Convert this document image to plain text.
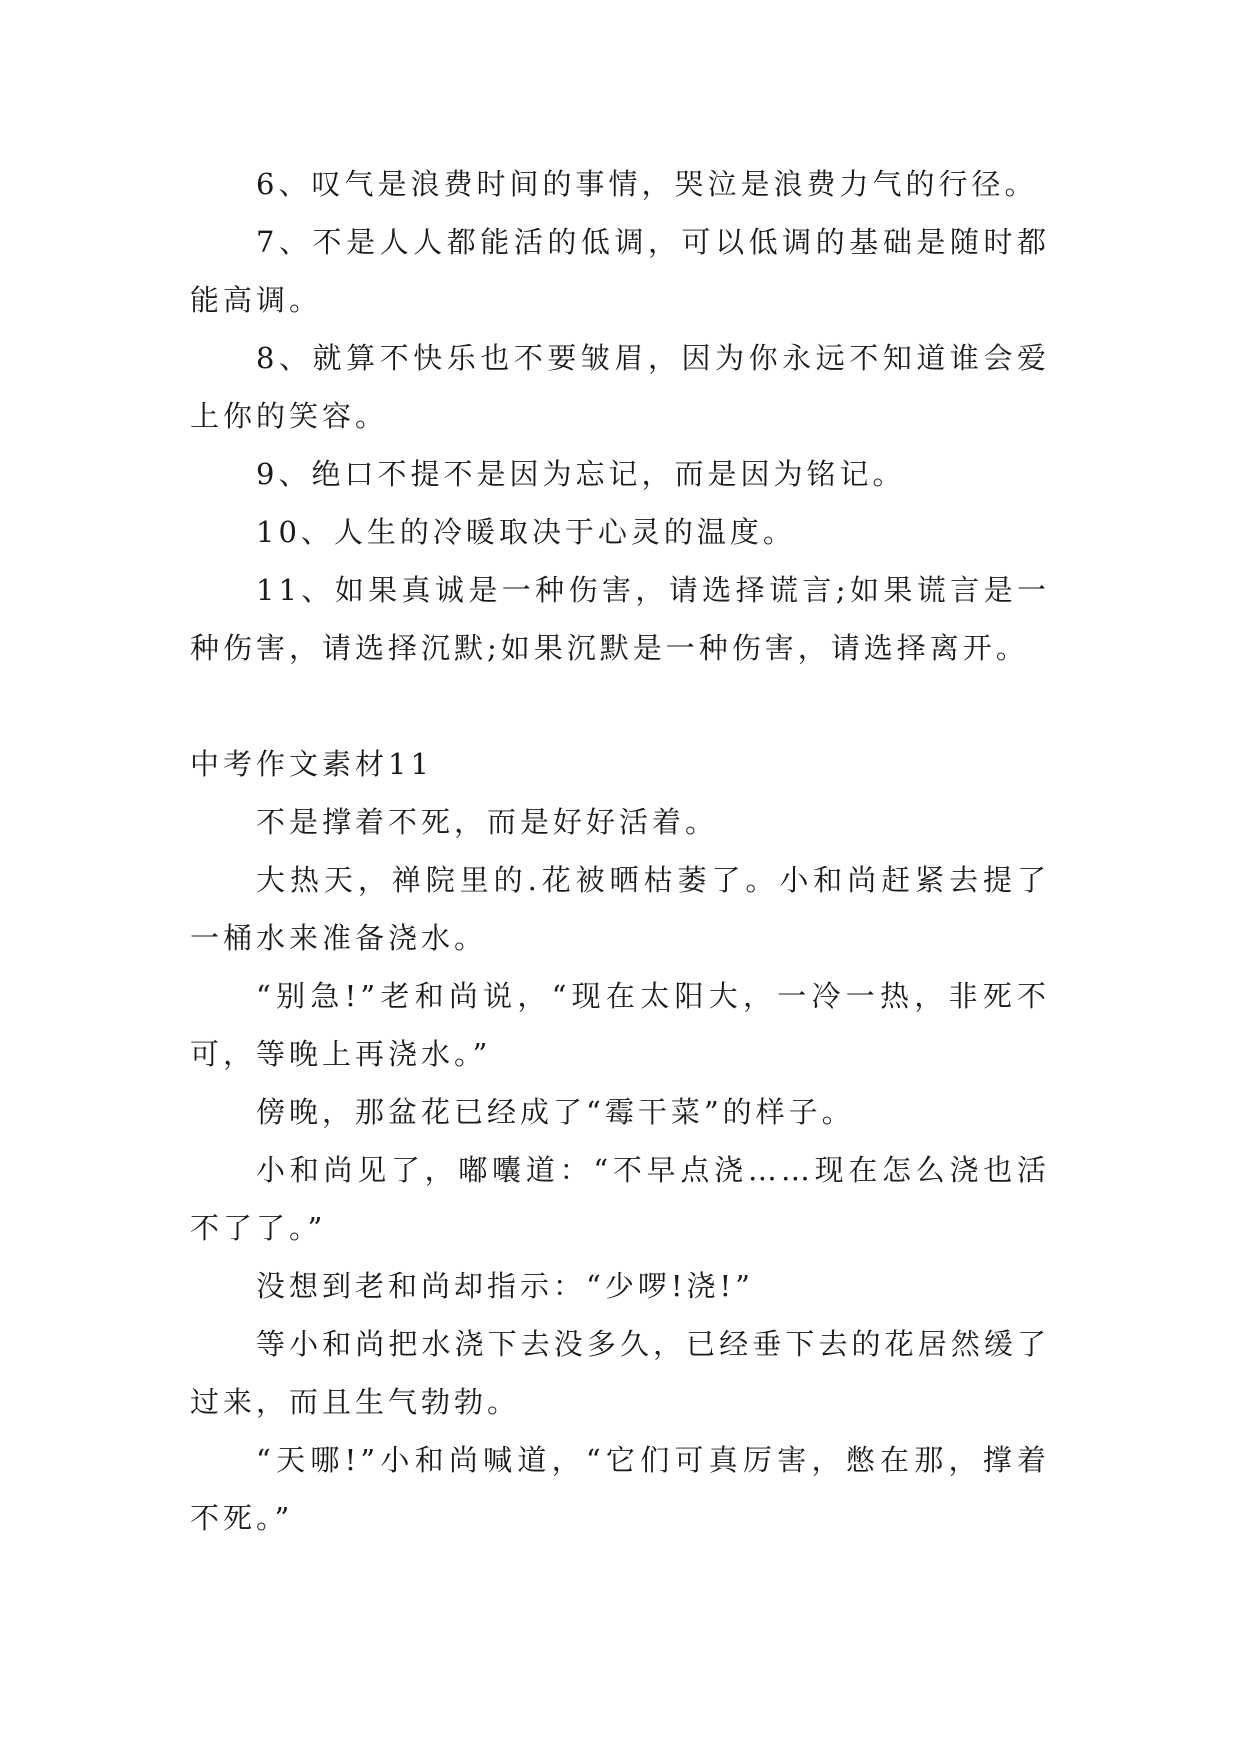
6、叹气是浪费时间的事情，哭泣是浪费力气的行径。

7、不是人人都能活的低调，可以低调的基础是随时都能高调。

8、就算不快乐也不要皱眉，因为你永远不知道谁会爱上你的笑容。

9、绝口不提不是因为忘记，而是因为铭记。

10、人生的冷暖取决于心灵的温度。

11、如果真诚是一种伤害，请选择谎言;如果谎言是一种伤害，请选择沉默;如果沉默是一种伤害，请选择离开。

中考作文素材11

不是撑着不死，而是好好活着。

大热天，禅院里的.花被晒枯萎了。小和尚赶紧去提了一桶水来准备浇水。

“别急!”老和尚说，“现在太阳大，一冷一热，非死不可，等晚上再浇水。”

傍晚，那盆花已经成了“霉干菜”的样子。

小和尚见了，嘟囔道：“不早点浇……现在怎么浇也活不了了。”

没想到老和尚却指示：“少啰!浇!”

等小和尚把水浇下去没多久，已经垂下去的花居然缓了过来，而且生气勃勃。

“天哪!”小和尚喊道，“它们可真厉害，憋在那，撑着不死。”
